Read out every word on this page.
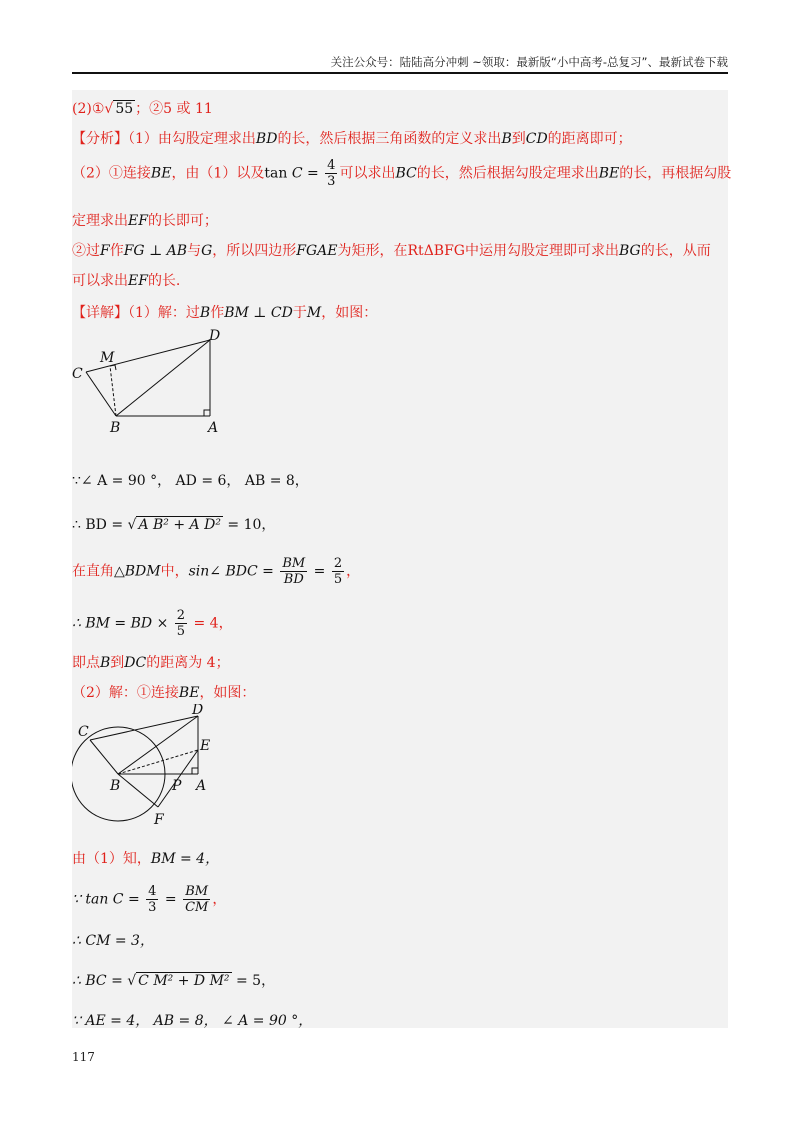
关注公众号：陆陆高分冲刺 ~领取：最新版“小中高考-总复习”、最新试卷下载
(2)①√ 55 ；②5 或 11
【分析】（1）由勾股定理求出BD的长，然后根据三角函数的定义求出B到CD的距离即可；
（2）①连接BE，由（1）以及$\tan C = \frac{4}{3}$ 可以求出BC的长，然后根据勾股定理求出BE的长，再根据勾股
定理求出EF的长即可；
②过F作FG ⊥ AB与G，所以四边形FGAE为矩形，在RtΔBFG中运用勾股定理即可求出BG的长，从而
可以求出EF的长.
【详解】（1）解：过B作BM ⊥ CD于M，如图：
C
M
D
B	A
∵∠ A = 90 °， AD = 6， AB = 8，
∴ BD = √ A B² + A D² = 10，
在直角△BDM中，sin∠ BDC = $\frac{BM}{BD} = \frac{2}{5}$ ，
∴ BM = BD × $\frac{2}{5} = 4$，
即点B到DC的距离为 4；
（2）解：①连接BE，如图：
C
D
E
B	P A
F
由（1）知，BM = 4，
∵ $\tan C = \frac{4}{3} = \frac{BM}{CM}$ ，
∴ CM = 3，
∴ BC = √ C M² + D M² = 5，
∵ AE = 4， AB = 8， ∠ A = 90 °，
117
